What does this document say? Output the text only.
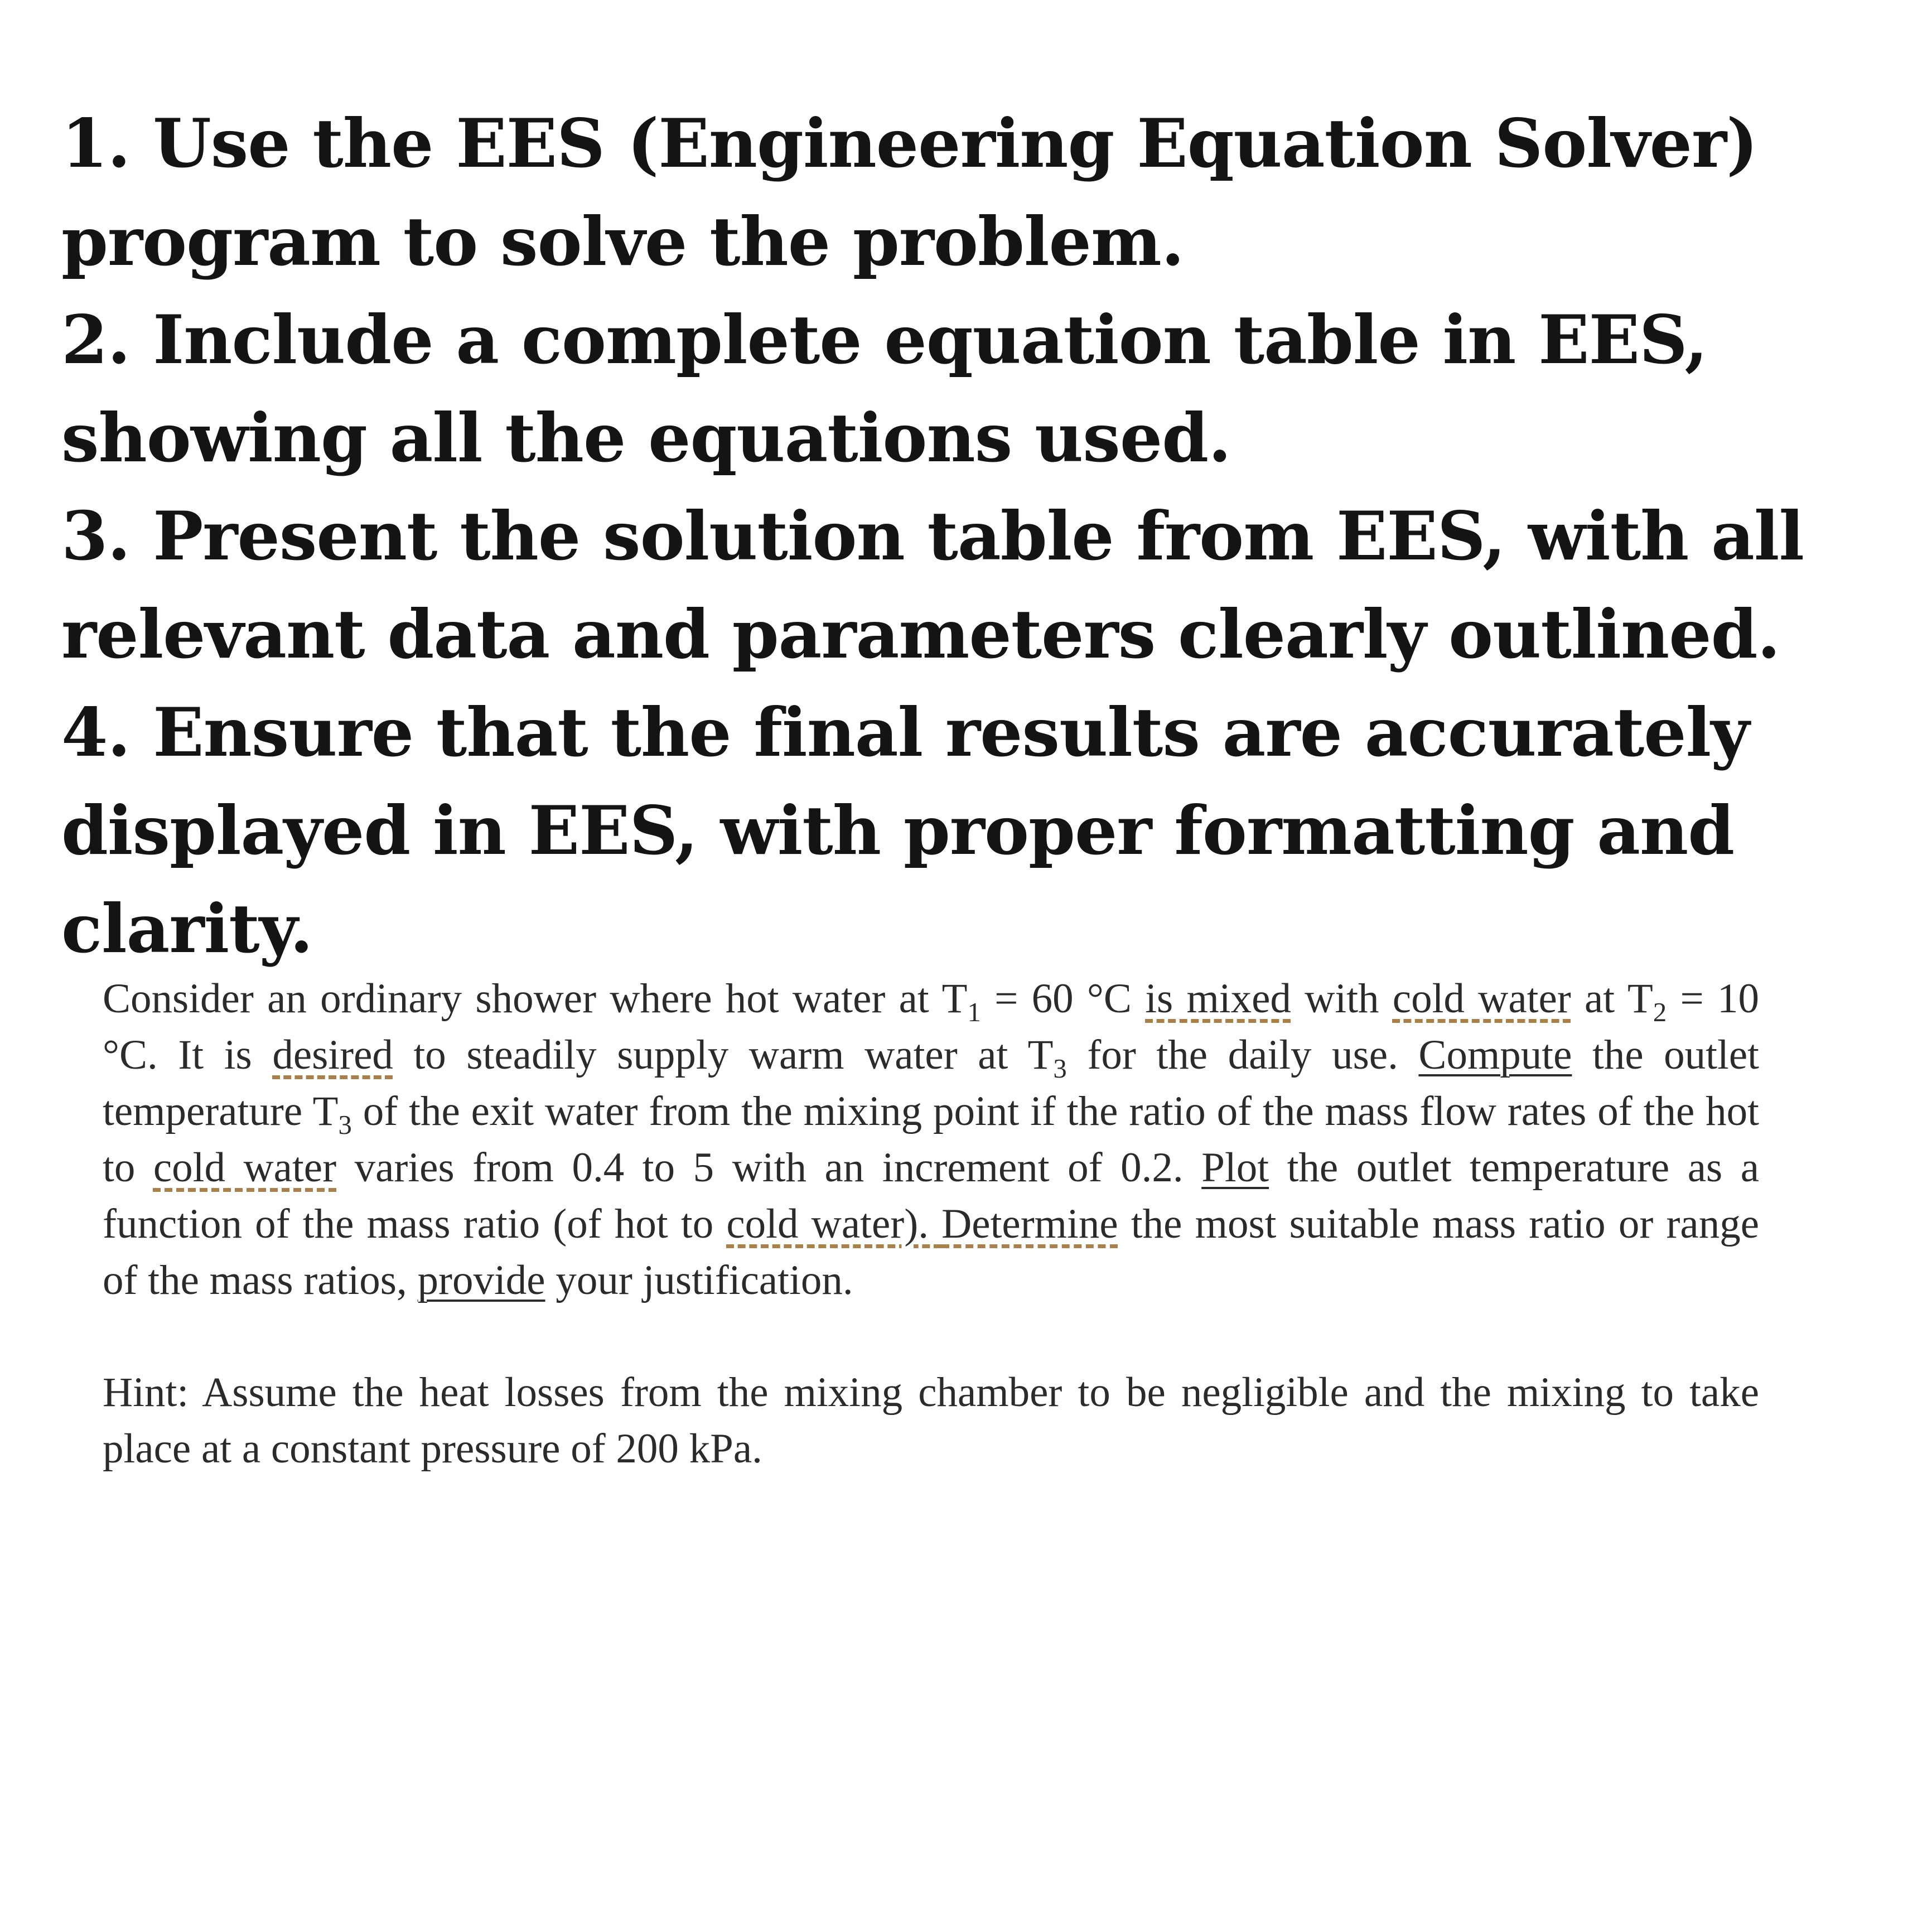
1. Use the EES (Engineering Equation Solver) program to solve the problem.

2. Include a complete equation table in EES, showing all the equations used.

3. Present the solution table from EES, with all relevant data and parameters clearly outlined.

4. Ensure that the final results are accurately displayed in EES, with proper formatting and clarity.

Consider an ordinary shower where hot water at $T_1 = 60$ °C is mixed with cold water at $T_2 = 10$ °C. It is desired to steadily supply warm water at $T_3$ for the daily use. Compute the outlet temperature $T_3$ of the exit water from the mixing point if the ratio of the mass flow rates of the hot to cold water varies from 0.4 to 5 with an increment of 0.2. Plot the outlet temperature as a function of the mass ratio (of hot to cold water). Determine the most suitable mass ratio or range of the mass ratios, provide your justification.

Hint: Assume the heat losses from the mixing chamber to be negligible and the mixing to take place at a constant pressure of 200 kPa.
